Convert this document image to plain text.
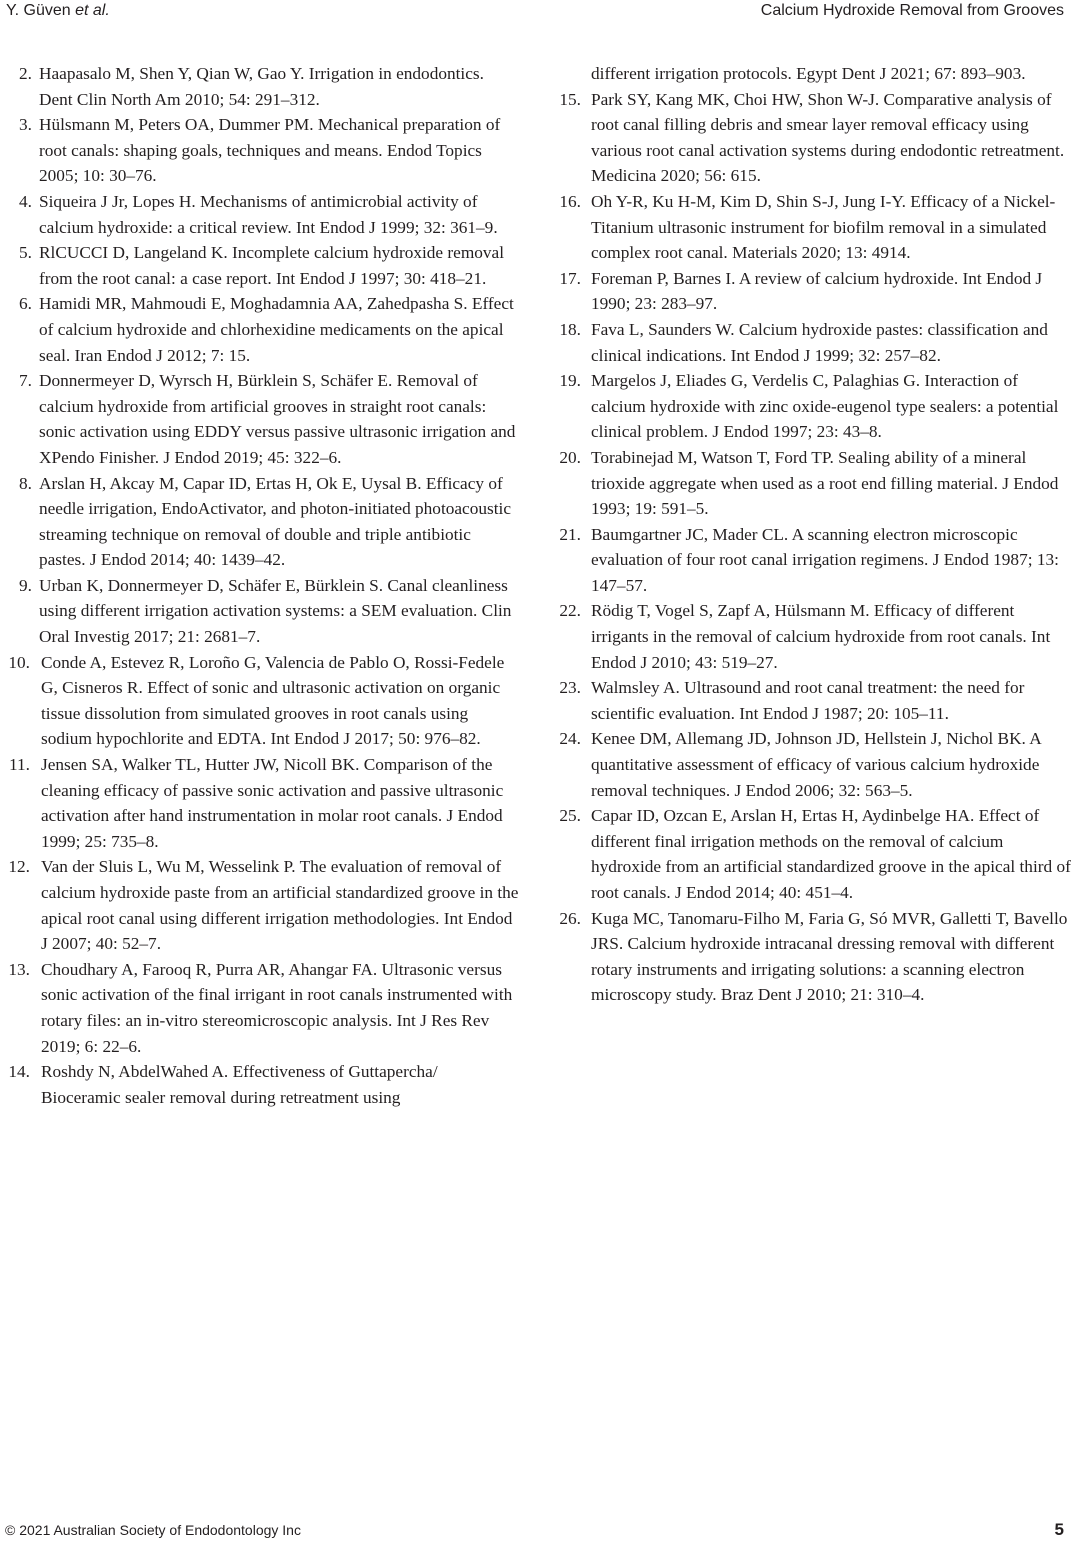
Y. Güven et al.	Calcium Hydroxide Removal from Grooves
2. Haapasalo M, Shen Y, Qian W, Gao Y. Irrigation in endodontics. Dent Clin North Am 2010; 54: 291–312.
3. Hülsmann M, Peters OA, Dummer PM. Mechanical preparation of root canals: shaping goals, techniques and means. Endod Topics 2005; 10: 30–76.
4. Siqueira J Jr, Lopes H. Mechanisms of antimicrobial activity of calcium hydroxide: a critical review. Int Endod J 1999; 32: 361–9.
5. RlCUCCI D, Langeland K. Incomplete calcium hydroxide removal from the root canal: a case report. Int Endod J 1997; 30: 418–21.
6. Hamidi MR, Mahmoudi E, Moghadamnia AA, Zahedpasha S. Effect of calcium hydroxide and chlorhexidine medicaments on the apical seal. Iran Endod J 2012; 7: 15.
7. Donnermeyer D, Wyrsch H, Bürklein S, Schäfer E. Removal of calcium hydroxide from artificial grooves in straight root canals: sonic activation using EDDY versus passive ultrasonic irrigation and XPendo Finisher. J Endod 2019; 45: 322–6.
8. Arslan H, Akcay M, Capar ID, Ertas H, Ok E, Uysal B. Efficacy of needle irrigation, EndoActivator, and photon-initiated photoacoustic streaming technique on removal of double and triple antibiotic pastes. J Endod 2014; 40: 1439–42.
9. Urban K, Donnermeyer D, Schäfer E, Bürklein S. Canal cleanliness using different irrigation activation systems: a SEM evaluation. Clin Oral Investig 2017; 21: 2681–7.
10. Conde A, Estevez R, Loroño G, Valencia de Pablo O, Rossi-Fedele G, Cisneros R. Effect of sonic and ultrasonic activation on organic tissue dissolution from simulated grooves in root canals using sodium hypochlorite and EDTA. Int Endod J 2017; 50: 976–82.
11. Jensen SA, Walker TL, Hutter JW, Nicoll BK. Comparison of the cleaning efficacy of passive sonic activation and passive ultrasonic activation after hand instrumentation in molar root canals. J Endod 1999; 25: 735–8.
12. Van der Sluis L, Wu M, Wesselink P. The evaluation of removal of calcium hydroxide paste from an artificial standardized groove in the apical root canal using different irrigation methodologies. Int Endod J 2007; 40: 52–7.
13. Choudhary A, Farooq R, Purra AR, Ahangar FA. Ultrasonic versus sonic activation of the final irrigant in root canals instrumented with rotary files: an in-vitro stereomicroscopic analysis. Int J Res Rev 2019; 6: 22–6.
14. Roshdy N, AbdelWahed A. Effectiveness of Guttapercha/ Bioceramic sealer removal during retreatment using
different irrigation protocols. Egypt Dent J 2021; 67: 893–903.
15. Park SY, Kang MK, Choi HW, Shon W-J. Comparative analysis of root canal filling debris and smear layer removal efficacy using various root canal activation systems during endodontic retreatment. Medicina 2020; 56: 615.
16. Oh Y-R, Ku H-M, Kim D, Shin S-J, Jung I-Y. Efficacy of a Nickel-Titanium ultrasonic instrument for biofilm removal in a simulated complex root canal. Materials 2020; 13: 4914.
17. Foreman P, Barnes I. A review of calcium hydroxide. Int Endod J 1990; 23: 283–97.
18. Fava L, Saunders W. Calcium hydroxide pastes: classification and clinical indications. Int Endod J 1999; 32: 257–82.
19. Margelos J, Eliades G, Verdelis C, Palaghias G. Interaction of calcium hydroxide with zinc oxide-eugenol type sealers: a potential clinical problem. J Endod 1997; 23: 43–8.
20. Torabinejad M, Watson T, Ford TP. Sealing ability of a mineral trioxide aggregate when used as a root end filling material. J Endod 1993; 19: 591–5.
21. Baumgartner JC, Mader CL. A scanning electron microscopic evaluation of four root canal irrigation regimens. J Endod 1987; 13: 147–57.
22. Rödig T, Vogel S, Zapf A, Hülsmann M. Efficacy of different irrigants in the removal of calcium hydroxide from root canals. Int Endod J 2010; 43: 519–27.
23. Walmsley A. Ultrasound and root canal treatment: the need for scientific evaluation. Int Endod J 1987; 20: 105–11.
24. Kenee DM, Allemang JD, Johnson JD, Hellstein J, Nichol BK. A quantitative assessment of efficacy of various calcium hydroxide removal techniques. J Endod 2006; 32: 563–5.
25. Capar ID, Ozcan E, Arslan H, Ertas H, Aydinbelge HA. Effect of different final irrigation methods on the removal of calcium hydroxide from an artificial standardized groove in the apical third of root canals. J Endod 2014; 40: 451–4.
26. Kuga MC, Tanomaru-Filho M, Faria G, Só MVR, Galletti T, Bavello JRS. Calcium hydroxide intracanal dressing removal with different rotary instruments and irrigating solutions: a scanning electron microscopy study. Braz Dent J 2010; 21: 310–4.
© 2021 Australian Society of Endodontology Inc	5
